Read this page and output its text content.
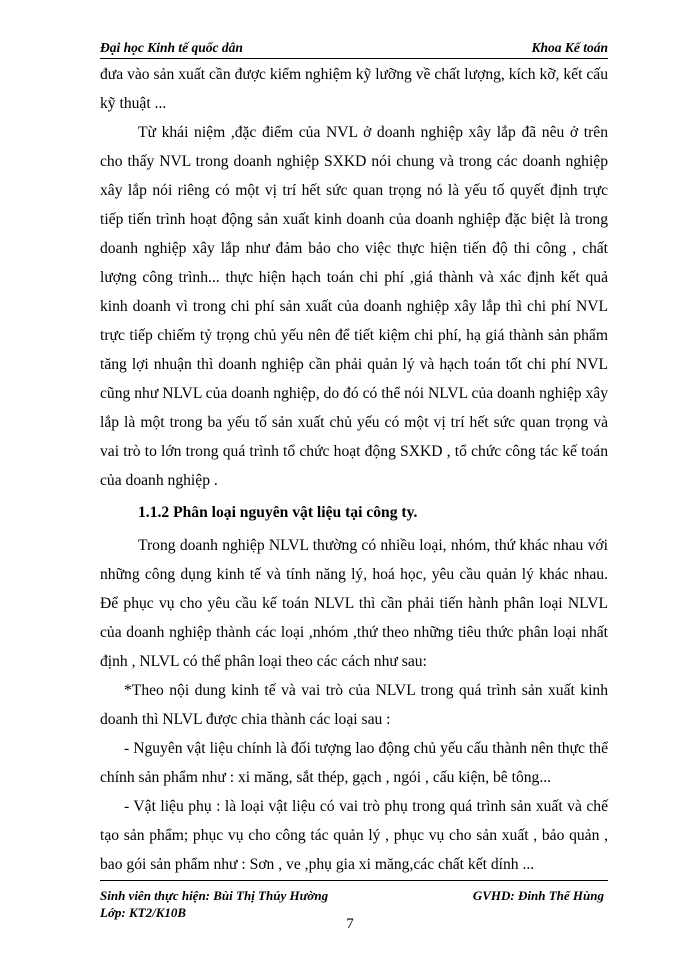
Đại học Kinh tế quốc dân	Khoa Kế toán

đưa vào sản xuất cần được kiểm nghiệm kỹ lưỡng về chất lượng, kích kỡ, kết cấu kỹ thuật ...

Từ khái niệm ,đặc điểm của NVL ở doanh nghiệp xây lắp đã nêu ở trên cho thấy NVL trong doanh nghiệp SXKD nói chung và trong các doanh nghiệp xây lắp nói riêng có một vị trí hết sức quan trọng nó là yếu tố quyết định trực tiếp tiến trình hoạt động sản xuất kinh doanh của doanh nghiệp đặc biệt là trong doanh nghiệp xây lắp như đảm bảo cho việc thực hiện tiến độ thi công , chất lượng công trình... thực hiện hạch toán chi phí ,giá thành và xác định kết quả kinh doanh vì trong chi phí sản xuất của doanh nghiệp xây lắp thì chi phí NVL trực tiếp chiếm tỷ trọng chủ yếu nên để tiết kiệm chi phí, hạ giá thành sản phẩm tăng lợi nhuận thì doanh nghiệp cần phải quản lý và hạch toán tốt chi phí NVL cũng như NLVL của doanh nghiệp, do đó có thể nói NLVL của doanh nghiệp xây lắp là một trong ba yếu tố sản xuất chủ yếu có một vị trí hết sức quan trọng và vai trò to lớn trong quá trình tổ chức hoạt động SXKD , tổ chức công tác kế toán của doanh nghiệp .

1.1.2 Phân loại nguyên vật liệu tại công ty.

Trong doanh nghiệp NLVL thường có nhiều loại, nhóm, thứ khác nhau với những công dụng kinh tế và tính năng lý, hoá học, yêu cầu quản lý khác nhau. Để phục vụ cho yêu cầu kế toán NLVL thì cần phải tiến hành phân loại NLVL của doanh nghiệp thành các loại ,nhóm ,thứ theo những tiêu thức phân loại nhất định , NLVL có thể phân loại theo các cách như sau:

*Theo nội dung kinh tế và vai trò của NLVL trong quá trình sản xuất kinh doanh thì NLVL được chia thành các loại sau :

- Nguyên vật liệu chính là đối tượng lao động chủ yếu cấu thành nên thực thể chính sản phẩm như : xi măng, sắt thép, gạch , ngói , cấu kiện, bê tông...

- Vật liệu phụ : là loại vật liệu có vai trò phụ trong quá trình sản xuất và chế tạo sản phẩm; phục vụ cho công tác quản lý , phục vụ cho sản xuất , bảo quản , bao gói sản phẩm như : Sơn , ve ,phụ gia xi măng,các chất kết dính ...

Sinh viên thực hiện: Bùi Thị Thúy Hường	GVHD: Đinh Thế Hùng
Lớp: KT2/K10B
7
